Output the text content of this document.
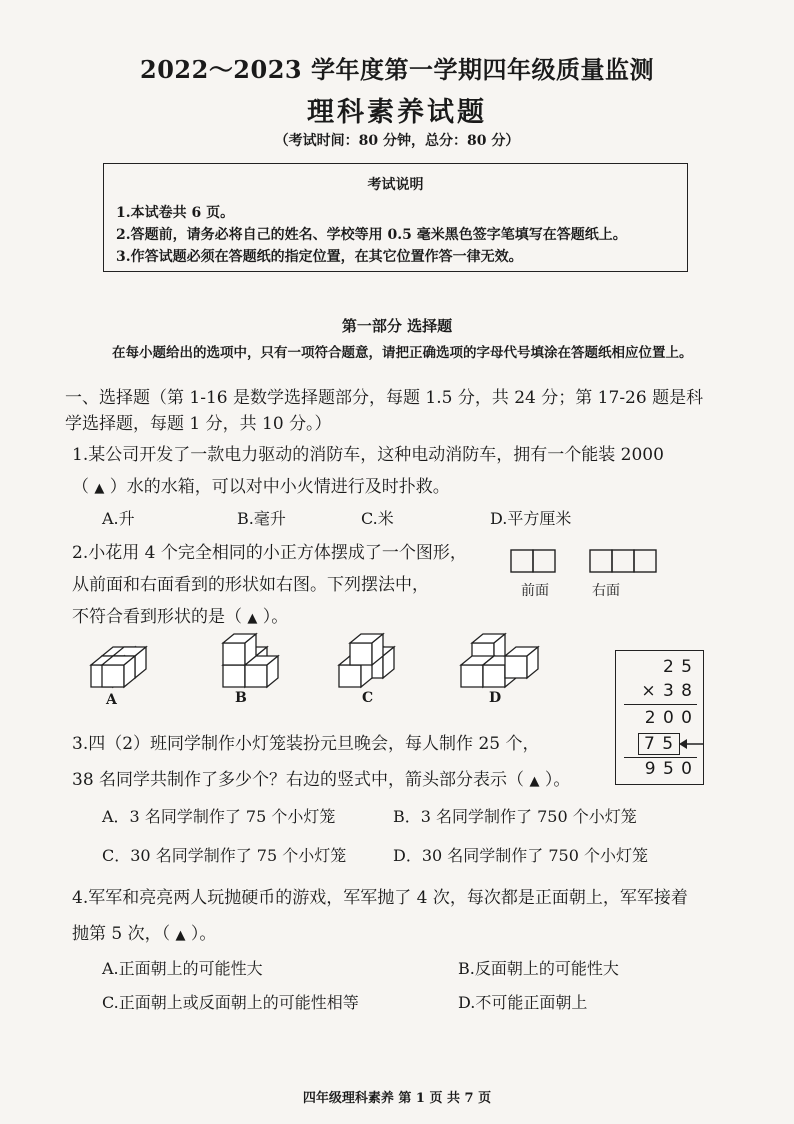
2022～2023 学年度第一学期四年级质量监测
理科素养试题
（考试时间：80 分钟，总分：80 分）
考试说明
1.本试卷共 6 页。
2.答题前，请务必将自己的姓名、学校等用 0.5 毫米黑色签字笔填写在答题纸上。
3.作答试题必须在答题纸的指定位置，在其它位置作答一律无效。
第一部分 选择题
在每小题给出的选项中，只有一项符合题意，请把正确选项的字母代号填涂在答题纸相应位置上。
一、选择题（第 1-16 是数学选择题部分，每题 1.5 分，共 24 分；第 17-26 题是科
学选择题，每题 1 分，共 10 分。）
1.某公司开发了一款电力驱动的消防车，这种电动消防车，拥有一个能装 2000
（ ▲ ）水的水箱，可以对中小火情进行及时扑救。
A.升	B.毫升	C.米	D.平方厘米
2.小花用 4 个完全相同的小正方体摆成了一个图形，
从前面和右面看到的形状如右图。下列摆法中，
不符合看到形状的是（ ▲ ）。
前面	右面
A	B	C	D
2 5
× 3 8
2 0 0
7 5
9 5 0
3.四（2）班同学制作小灯笼装扮元旦晚会，每人制作 25 个，
38 名同学共制作了多少个？右边的竖式中，箭头部分表示（ ▲ ）。
A．3 名同学制作了 75 个小灯笼	B．3 名同学制作了 750 个小灯笼
C．30 名同学制作了 75 个小灯笼	D．30 名同学制作了 750 个小灯笼
4.军军和亮亮两人玩抛硬币的游戏，军军抛了 4 次，每次都是正面朝上，军军接着
抛第 5 次，（ ▲ ）。
A.正面朝上的可能性大	B.反面朝上的可能性大
C.正面朝上或反面朝上的可能性相等	D.不可能正面朝上
四年级理科素养 第 1 页 共 7 页
